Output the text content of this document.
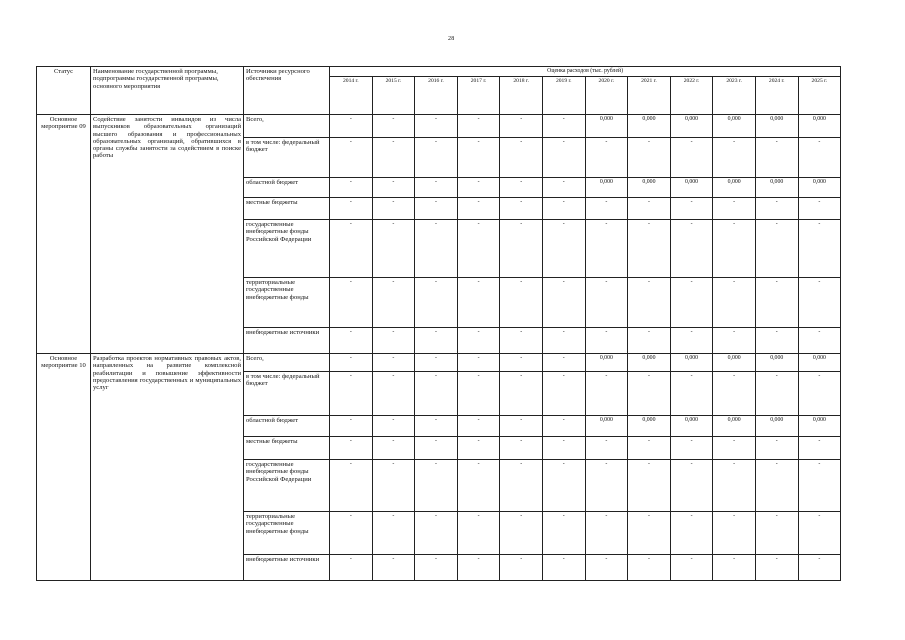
28
Статус	Наименование государственной программы, подпрограммы государственной программы, основного мероприятия	Источники ресурсного обеспечения	Оценка расходов (тыс. рублей)											
			2014 г.	2015 г.	2016 г.	2017 г.	2018 г.	2019 г.	2020 г.	2021 г.	2022 г.	2023 г.	2024 г.	2025 г.
Основное мероприятие 09	Содействие занятости инвалидов из числа выпускников образовательных организаций высшего образования и профессиональных образовательных организаций, обратившихся в органы службы занятости за содействием в поиске работы	Всего,	-	-	-	-	-	-	0,000	0,000	0,000	0,000	0,000	0,000
		в том числе: федеральный бюджет	-	-	-	-	-	-	-	-	-	-	-	-
		областной бюджет	-	-	-	-	-	-	0,000	0,000	0,000	0,000	0,000	0,000
		местные бюджеты	-	-	-	-	-	-	-	-	-	-	-	-
		государственные внебюджетные фонды Российской Федерации	-	-	-	-	-	-	-	-	-	-	-	-
		территориальные государственные внебюджетные фонды	-	-	-	-	-	-	-	-	-	-	-	-
		внебюджетные источники	-	-	-	-	-	-	-	-	-	-	-	-
Основное мероприятие 10	Разработка проектов нормативных правовых актов, направленных на развитие комплексной реабилитации и повышение эффективности предоставления государственных и муниципальных услуг	Всего,	-	-	-	-	-	-	0,000	0,000	0,000	0,000	0,000	0,000
		в том числе: федеральный бюджет	-	-	-	-	-	-	-	-	-	-	-	-
		областной бюджет	-	-	-	-	-	-	0,000	0,000	0,000	0,000	0,000	0,000
		местные бюджеты	-	-	-	-	-	-	-	-	-	-	-	-
		государственные внебюджетные фонды Российской Федерации	-	-	-	-	-	-	-	-	-	-	-	-
		территориальные государственные внебюджетные фонды	-	-	-	-	-	-	-	-	-	-	-	-
		внебюджетные источники	-	-	-	-	-	-	-	-	-	-	-	-
